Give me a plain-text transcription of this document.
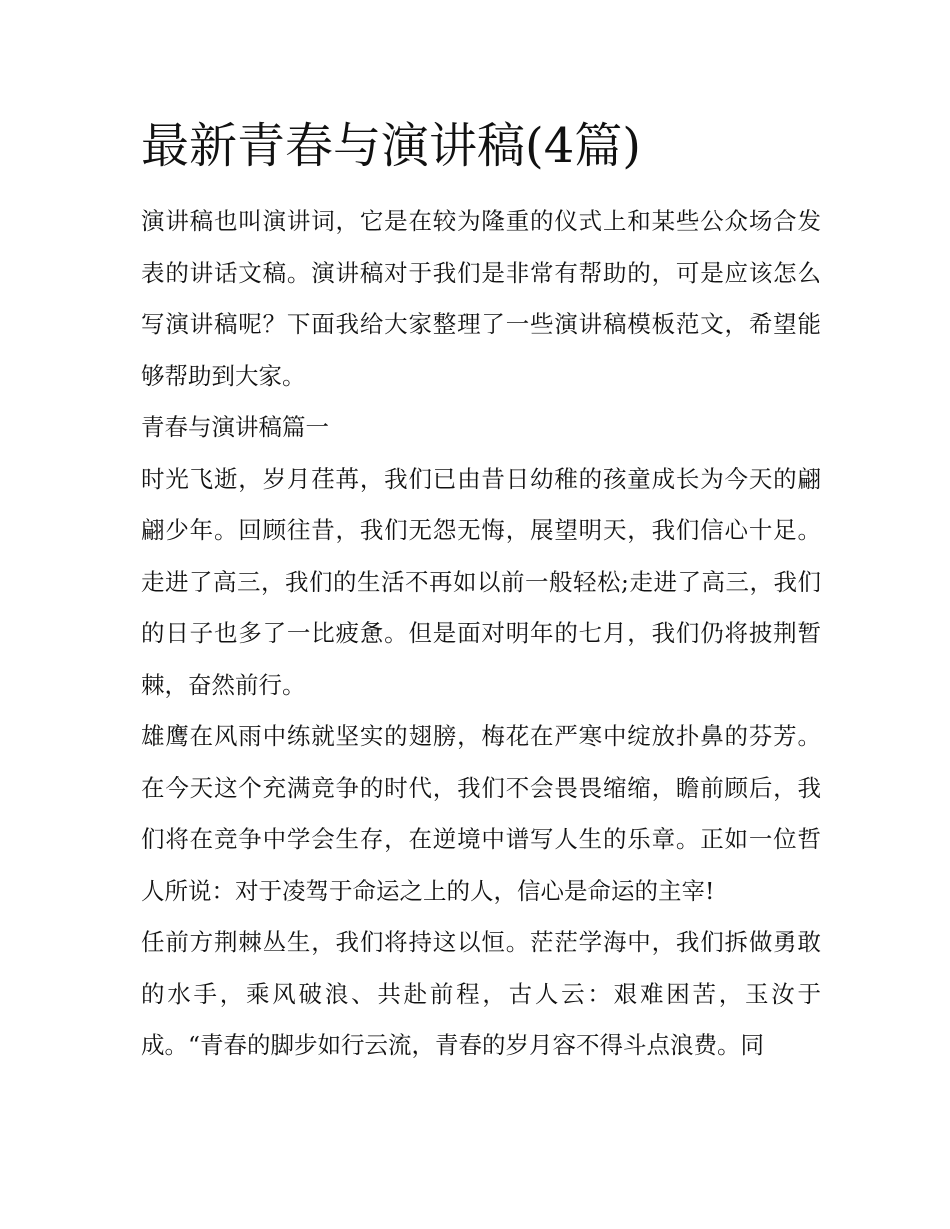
最新青春与演讲稿(4篇)

演讲稿也叫演讲词，它是在较为隆重的仪式上和某些公众场合发表的讲话文稿。演讲稿对于我们是非常有帮助的，可是应该怎么写演讲稿呢？下面我给大家整理了一些演讲稿模板范文，希望能够帮助到大家。

青春与演讲稿篇一

时光飞逝，岁月荏苒，我们已由昔日幼稚的孩童成长为今天的翩翩少年。回顾往昔，我们无怨无悔，展望明天，我们信心十足。走进了高三，我们的生活不再如以前一般轻松;走进了高三，我们的日子也多了一比疲惫。但是面对明年的七月，我们仍将披荆暂棘，奋然前行。

雄鹰在风雨中练就坚实的翅膀，梅花在严寒中绽放扑鼻的芬芳。在今天这个充满竞争的时代，我们不会畏畏缩缩，瞻前顾后，我们将在竞争中学会生存，在逆境中谱写人生的乐章。正如一位哲人所说：对于凌驾于命运之上的人，信心是命运的主宰!

任前方荆棘丛生，我们将持这以恒。茫茫学海中，我们拆做勇敢的水手，乘风破浪、共赴前程，古人云：艰难困苦，玉汝于成。“青春的脚步如行云流，青春的岁月容不得斗点浪费。同
